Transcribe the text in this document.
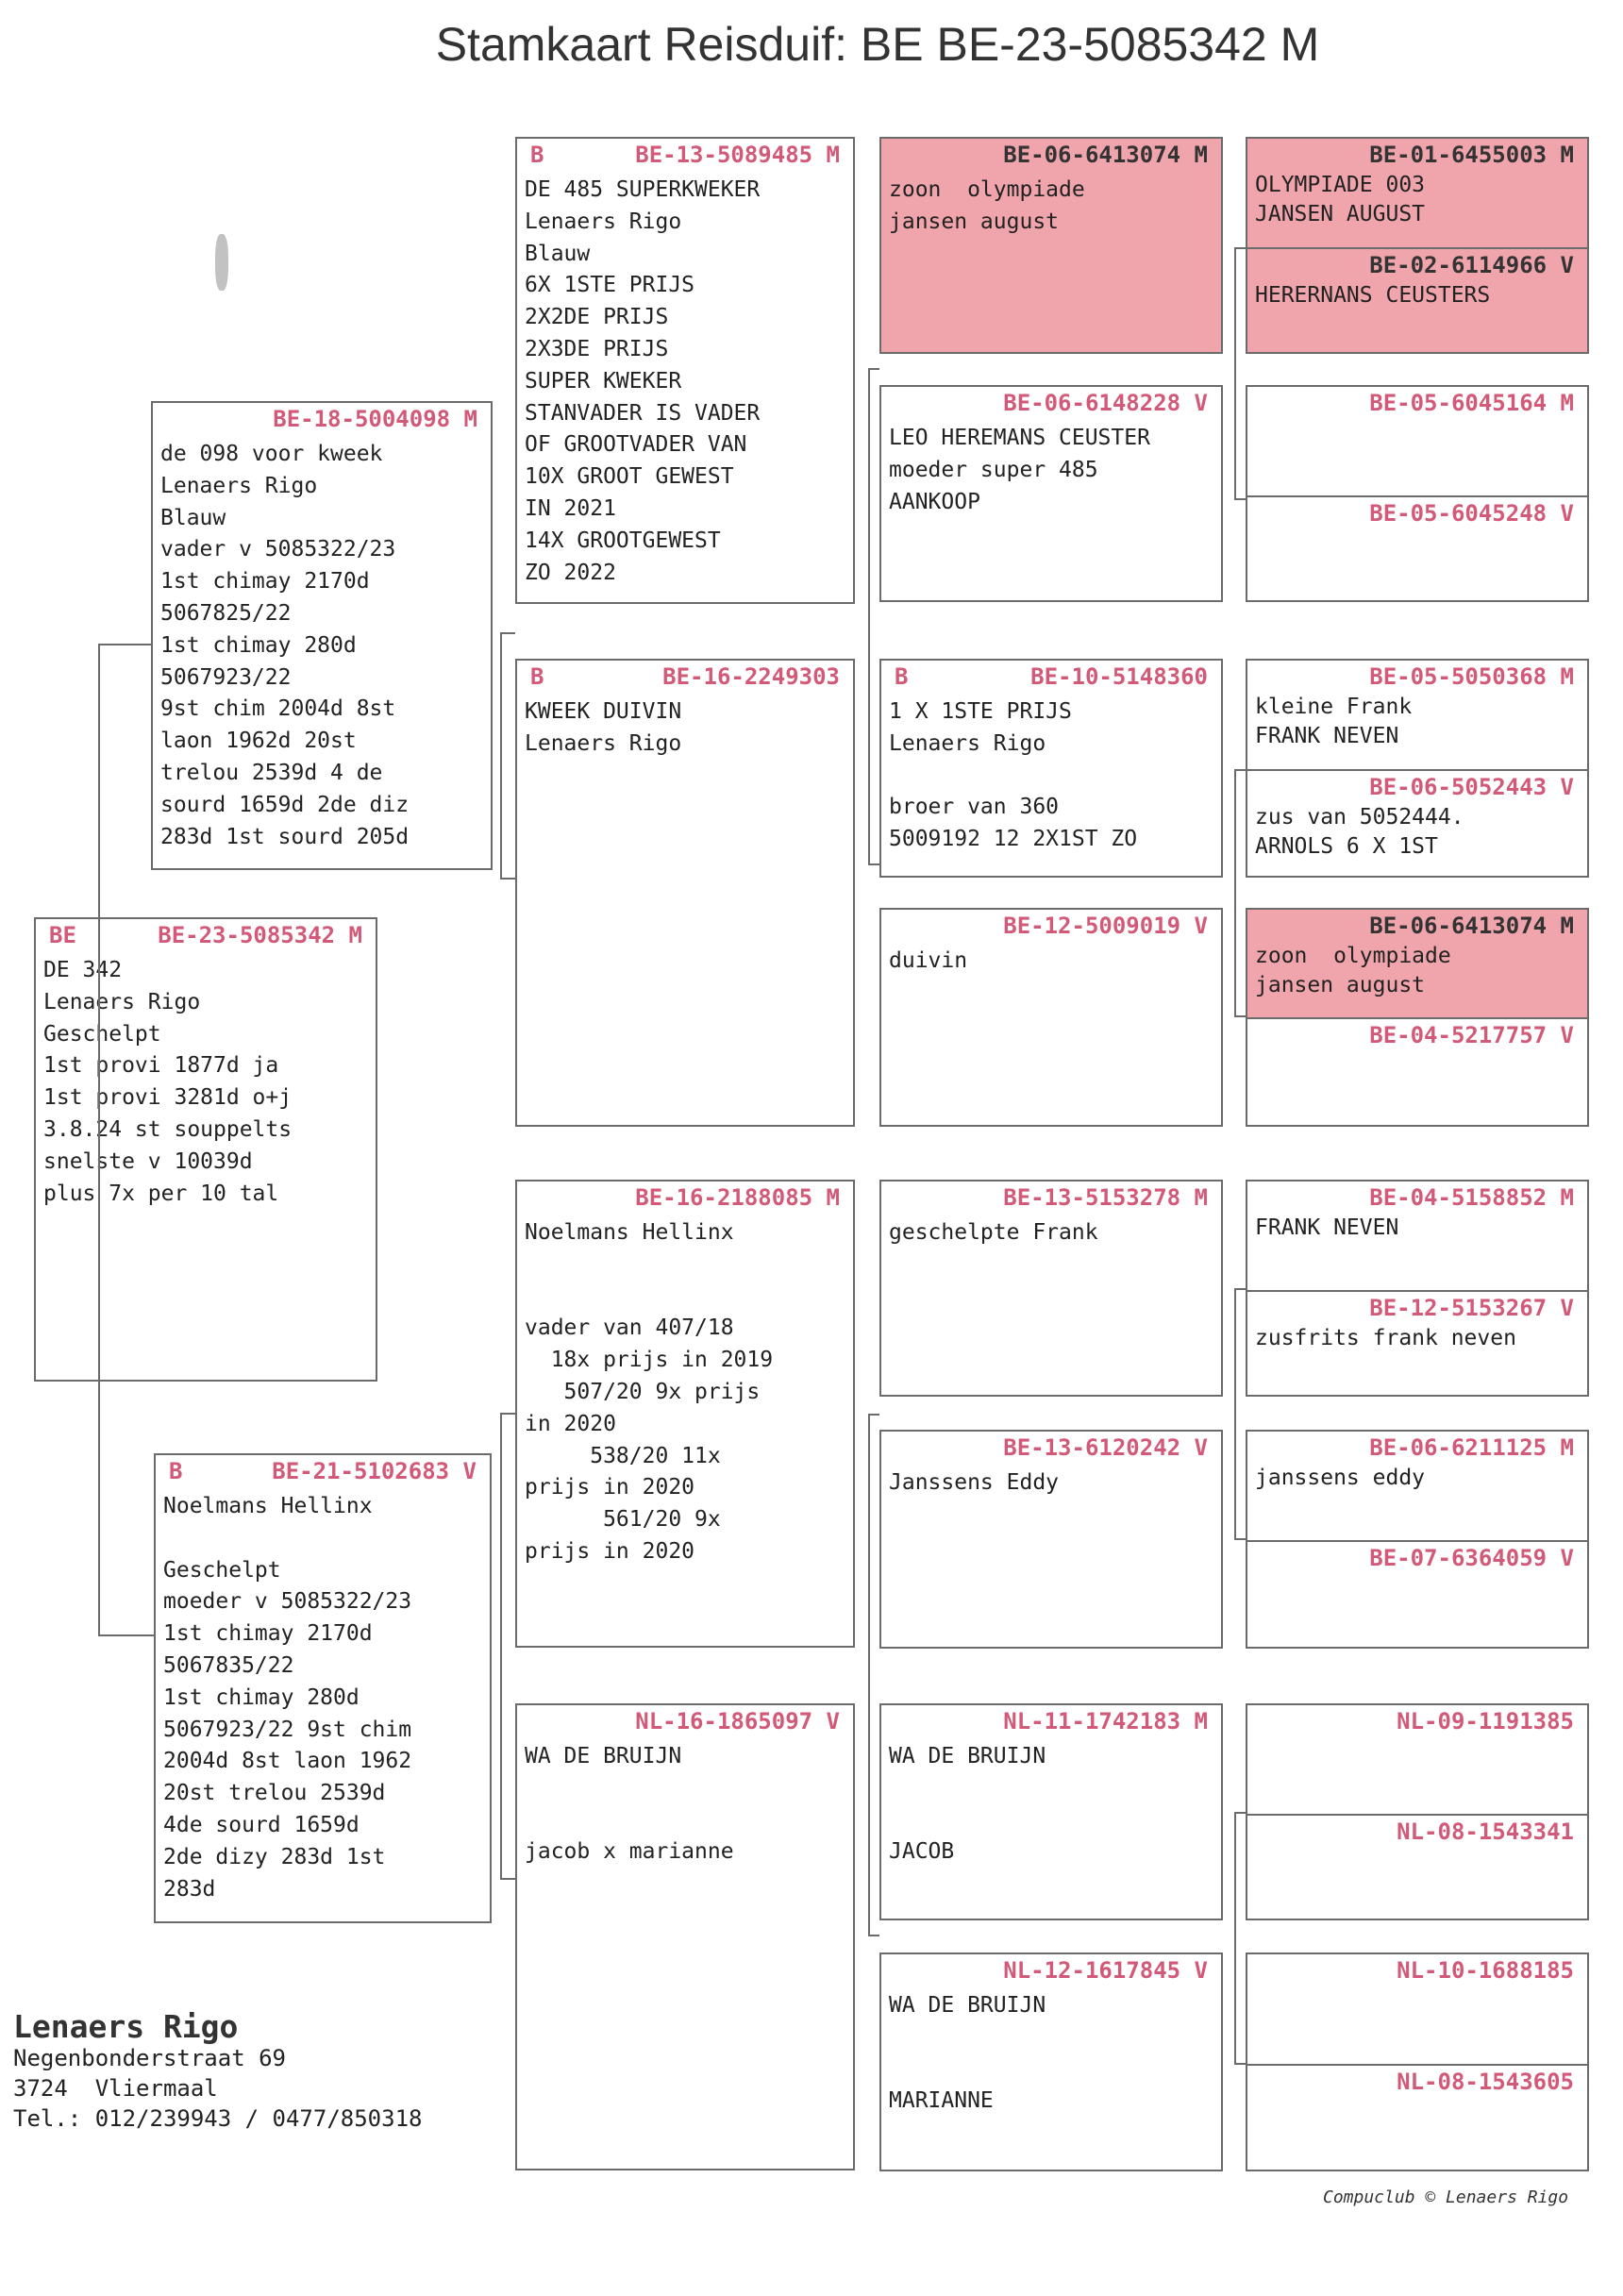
Stamkaart Reisduif: BE BE-23-5085342 M
BE	BE-23-5085342 M
DE 342
Lenaers Rigo
Geschelpt
1st provi 1877d ja
1st provi 3281d o+j
3.8.24 st souppelts
snelste v 10039d
plus 7x per 10 tal
BE-18-5004098 M
de 098 voor kweek
Lenaers Rigo
Blauw
vader v 5085322/23
1st chimay 2170d
5067825/22
1st chimay 280d
5067923/22
9st chim 2004d 8st
laon 1962d 20st
trelou 2539d 4 de
sourd 1659d 2de diz
283d 1st sourd 205d
B	BE-21-5102683 V
Noelmans Hellinx
Geschelpt
moeder v 5085322/23
1st chimay 2170d
5067835/22
1st chimay 280d
5067923/22 9st chim
2004d 8st laon 1962
20st trelou 2539d
4de sourd 1659d
2de dizy 283d 1st
283d
B	BE-13-5089485 M
DE 485 SUPERKWEKER
Lenaers Rigo
Blauw
6X 1STE PRIJS
2X2DE PRIJS
2X3DE PRIJS
SUPER KWEKER
STANVADER IS VADER
OF GROOTVADER VAN
10X GROOT GEWEST
IN 2021
14X GROOTGEWEST
ZO 2022
B	BE-16-2249303
KWEEK DUIVIN
Lenaers Rigo
BE-16-2188085 M
Noelmans Hellinx
vader van 407/18
18x prijs in 2019
507/20 9x prijs
in 2020
538/20 11x
prijs in 2020
561/20 9x
prijs in 2020
NL-16-1865097 V
WA DE BRUIJN
jacob x marianne
BE-06-6413074 M
zoon  olympiade
jansen august
BE-06-6148228 V
LEO HEREMANS CEUSTER
moeder super 485
AANKOOP
B	BE-10-5148360
1 X 1STE PRIJS
Lenaers Rigo
broer van 360
5009192 12 2X1ST ZO
BE-12-5009019 V
duivin
BE-13-5153278 M
geschelpte Frank
BE-13-6120242 V
Janssens Eddy
NL-11-1742183 M
WA DE BRUIJN
JACOB
NL-12-1617845 V
WA DE BRUIJN
MARIANNE
BE-01-6455003 M
OLYMPIADE 003
JANSEN AUGUST
BE-02-6114966 V
HERERNANS CEUSTERS
BE-05-6045164 M
BE-05-6045248 V
BE-05-5050368 M
kleine Frank
FRANK NEVEN
BE-06-5052443 V
zus van 5052444.
ARNOLS 6 X 1ST
BE-06-6413074 M
zoon  olympiade
jansen august
BE-04-5217757 V
BE-04-5158852 M
FRANK NEVEN
BE-12-5153267 V
zusfrits frank neven
BE-06-6211125 M
janssens eddy
BE-07-6364059 V
NL-09-1191385
NL-08-1543341
NL-10-1688185
NL-08-1543605
Lenaers Rigo
Negenbonderstraat 69
3724  Vliermaal
Tel.: 012/239943 / 0477/850318
Compuclub © Lenaers Rigo
